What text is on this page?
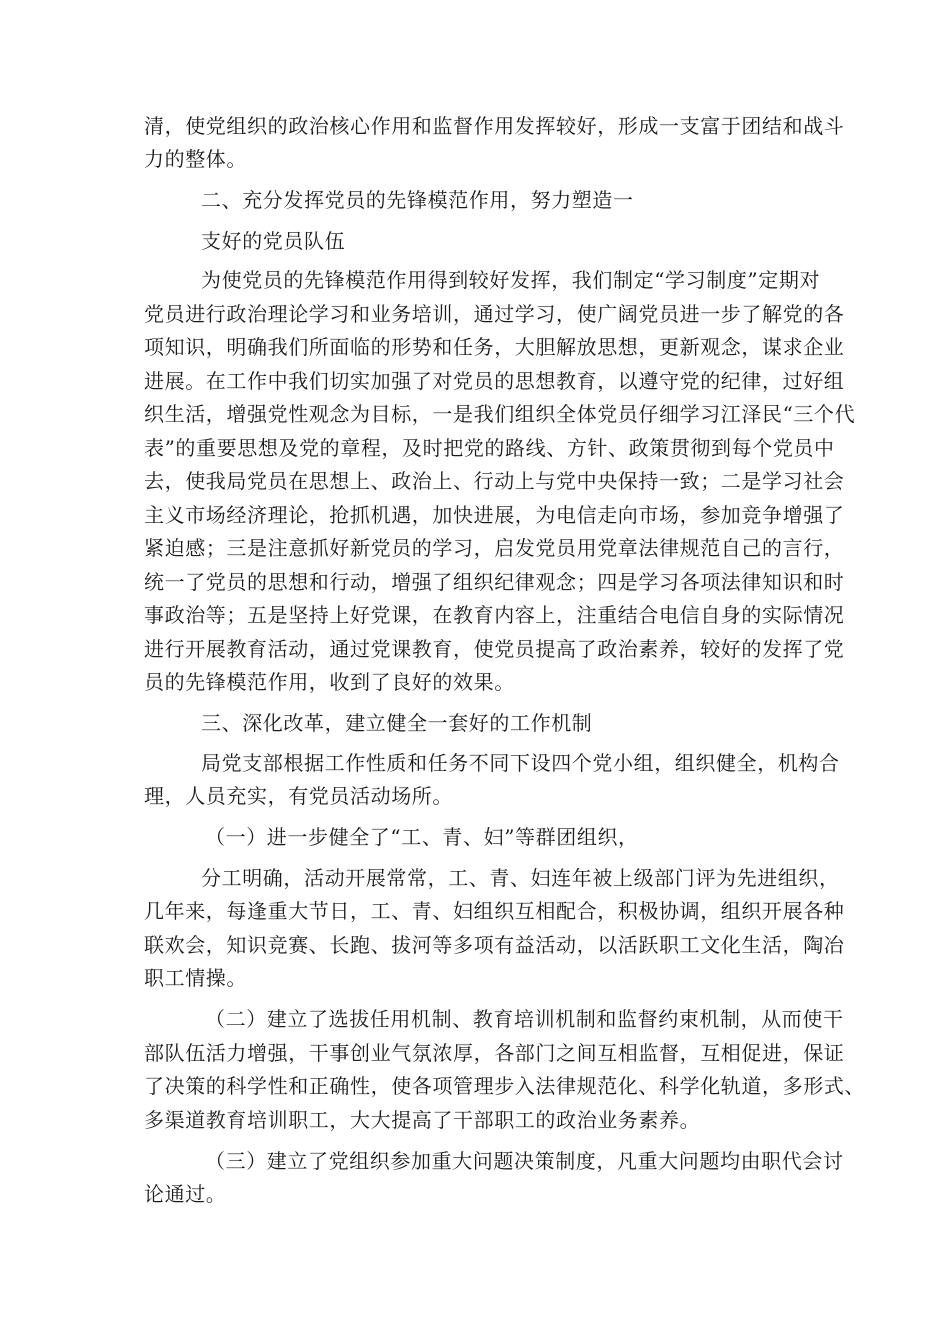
清，使党组织的政治核心作用和监督作用发挥较好，形成一支富于团结和战斗
力的整体。
二、充分发挥党员的先锋模范作用，努力塑造一
支好的党员队伍
为使党员的先锋模范作用得到较好发挥，我们制定“学习制度”定期对
党员进行政治理论学习和业务培训，通过学习，使广阔党员进一步了解党的各
项知识，明确我们所面临的形势和任务，大胆解放思想，更新观念，谋求企业
进展。在工作中我们切实加强了对党员的思想教育，以遵守党的纪律，过好组
织生活，增强党性观念为目标，一是我们组织全体党员仔细学习江泽民“三个代
表”的重要思想及党的章程，及时把党的路线、方针、政策贯彻到每个党员中
去，使我局党员在思想上、政治上、行动上与党中央保持一致；二是学习社会
主义市场经济理论，抢抓机遇，加快进展，为电信走向市场，参加竞争增强了
紧迫感；三是注意抓好新党员的学习，启发党员用党章法律规范自己的言行，
统一了党员的思想和行动，增强了组织纪律观念；四是学习各项法律知识和时
事政治等；五是坚持上好党课，在教育内容上，注重结合电信自身的实际情况
进行开展教育活动，通过党课教育，使党员提高了政治素养，较好的发挥了党
员的先锋模范作用，收到了良好的效果。
三、深化改革，建立健全一套好的工作机制
局党支部根据工作性质和任务不同下设四个党小组，组织健全，机构合
理，人员充实，有党员活动场所。
（一）进一步健全了“工、青、妇”等群团组织，
分工明确，活动开展常常，工、青、妇连年被上级部门评为先进组织，
几年来，每逢重大节日，工、青、妇组织互相配合，积极协调，组织开展各种
联欢会，知识竞赛、长跑、拔河等多项有益活动，以活跃职工文化生活，陶冶
职工情操。
（二）建立了选拔任用机制、教育培训机制和监督约束机制，从而使干
部队伍活力增强，干事创业气氛浓厚，各部门之间互相监督，互相促进，保证
了决策的科学性和正确性，使各项管理步入法律规范化、科学化轨道，多形式、
多渠道教育培训职工，大大提高了干部职工的政治业务素养。
（三）建立了党组织参加重大问题决策制度，凡重大问题均由职代会讨
论通过。
